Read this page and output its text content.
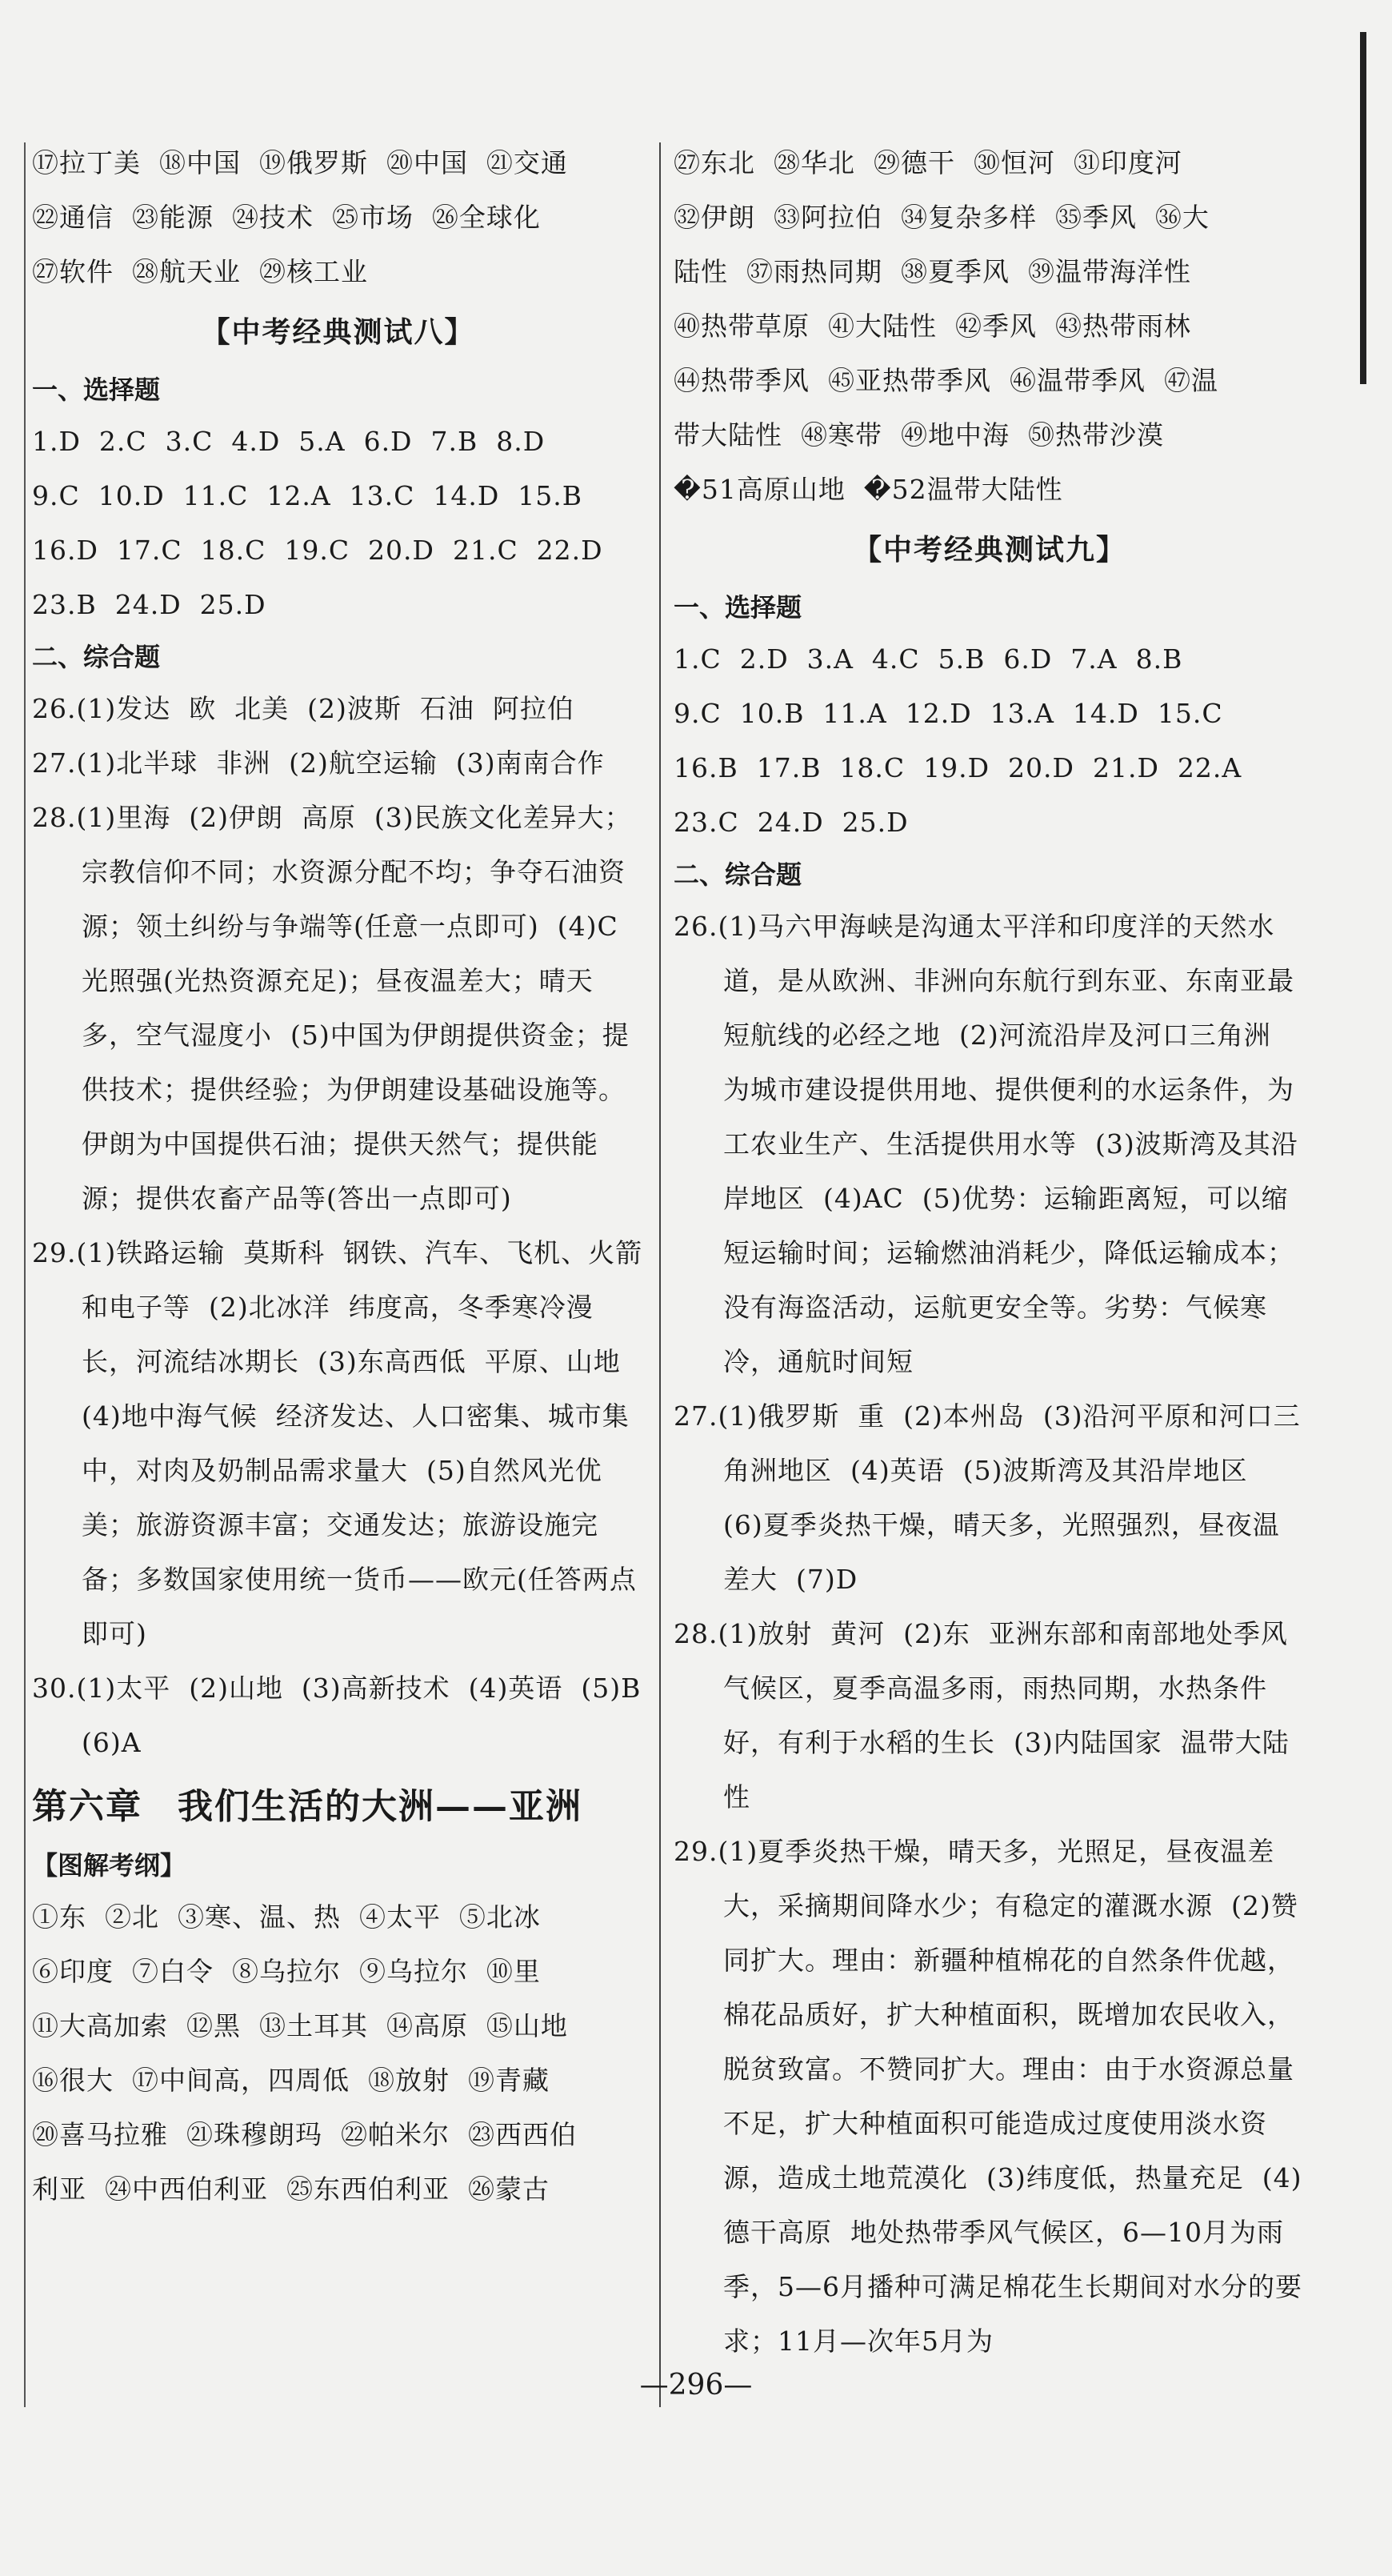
⑰拉丁美  ⑱中国  ⑲俄罗斯  ⑳中国  ㉑交通

㉒通信  ㉓能源  ㉔技术  ㉕市场  ㉖全球化

㉗软件  ㉘航天业  ㉙核工业

【中考经典测试八】

一、选择题

1.D  2.C  3.C  4.D  5.A  6.D  7.B  8.D

9.C  10.D  11.C  12.A  13.C  14.D  15.B

16.D  17.C  18.C  19.C  20.D  21.C  22.D

23.B  24.D  25.D

二、综合题

26.(1)发达  欧  北美  (2)波斯  石油  阿拉伯

27.(1)北半球  非洲  (2)航空运输  (3)南南合作

28.(1)里海  (2)伊朗  高原  (3)民族文化差异大；宗教信仰不同；水资源分配不均；争夺石油资源；领土纠纷与争端等(任意一点即可)  (4)C  光照强(光热资源充足)；昼夜温差大；晴天多，空气湿度小  (5)中国为伊朗提供资金；提供技术；提供经验；为伊朗建设基础设施等。伊朗为中国提供石油；提供天然气；提供能源；提供农畜产品等(答出一点即可)

29.(1)铁路运输  莫斯科  钢铁、汽车、飞机、火箭和电子等  (2)北冰洋  纬度高，冬季寒冷漫长，河流结冰期长  (3)东高西低  平原、山地  (4)地中海气候  经济发达、人口密集、城市集中，对肉及奶制品需求量大  (5)自然风光优美；旅游资源丰富；交通发达；旅游设施完备；多数国家使用统一货币——欧元(任答两点即可)

30.(1)太平  (2)山地  (3)高新技术  (4)英语  (5)B  (6)A

第六章 我们生活的大洲——亚洲

【图解考纲】

①东  ②北  ③寒、温、热  ④太平  ⑤北冰

⑥印度  ⑦白令  ⑧乌拉尔  ⑨乌拉尔  ⑩里

⑪大高加索  ⑫黑  ⑬土耳其  ⑭高原  ⑮山地

⑯很大  ⑰中间高，四周低  ⑱放射  ⑲青藏

⑳喜马拉雅  ㉑珠穆朗玛  ㉒帕米尔  ㉓西西伯

利亚  ㉔中西伯利亚  ㉕东西伯利亚  ㉖蒙古

㉗东北  ㉘华北  ㉙德干  ㉚恒河  ㉛印度河

㉜伊朗  ㉝阿拉伯  ㉞复杂多样  ㉟季风  ㊱大

陆性  ㊲雨热同期  ㊳夏季风  ㊴温带海洋性

㊵热带草原  ㊶大陆性  ㊷季风  ㊸热带雨林

㊹热带季风  ㊺亚热带季风  ㊻温带季风  ㊼温

带大陆性  ㊽寒带  ㊾地中海  ㊿热带沙漠

�51高原山地  �52温带大陆性

【中考经典测试九】

一、选择题

1.C  2.D  3.A  4.C  5.B  6.D  7.A  8.B

9.C  10.B  11.A  12.D  13.A  14.D  15.C

16.B  17.B  18.C  19.D  20.D  21.D  22.A

23.C  24.D  25.D

二、综合题

26.(1)马六甲海峡是沟通太平洋和印度洋的天然水道，是从欧洲、非洲向东航行到东亚、东南亚最短航线的必经之地  (2)河流沿岸及河口三角洲  为城市建设提供用地、提供便利的水运条件，为工农业生产、生活提供用水等  (3)波斯湾及其沿岸地区  (4)AC  (5)优势：运输距离短，可以缩短运输时间；运输燃油消耗少，降低运输成本；没有海盗活动，运航更安全等。劣势：气候寒冷，通航时间短

27.(1)俄罗斯  重  (2)本州岛  (3)沿河平原和河口三角洲地区  (4)英语  (5)波斯湾及其沿岸地区  (6)夏季炎热干燥，晴天多，光照强烈，昼夜温差大  (7)D

28.(1)放射  黄河  (2)东  亚洲东部和南部地处季风气候区，夏季高温多雨，雨热同期，水热条件好，有利于水稻的生长  (3)内陆国家  温带大陆性

29.(1)夏季炎热干燥，晴天多，光照足，昼夜温差大，采摘期间降水少；有稳定的灌溉水源  (2)赞同扩大。理由：新疆种植棉花的自然条件优越，棉花品质好，扩大种植面积，既增加农民收入，脱贫致富。不赞同扩大。理由：由于水资源总量不足，扩大种植面积可能造成过度使用淡水资源，造成土地荒漠化  (3)纬度低，热量充足  (4)德干高原  地处热带季风气候区，6—10月为雨季，5—6月播种可满足棉花生长期间对水分的要求；11月—次年5月为

—296—
